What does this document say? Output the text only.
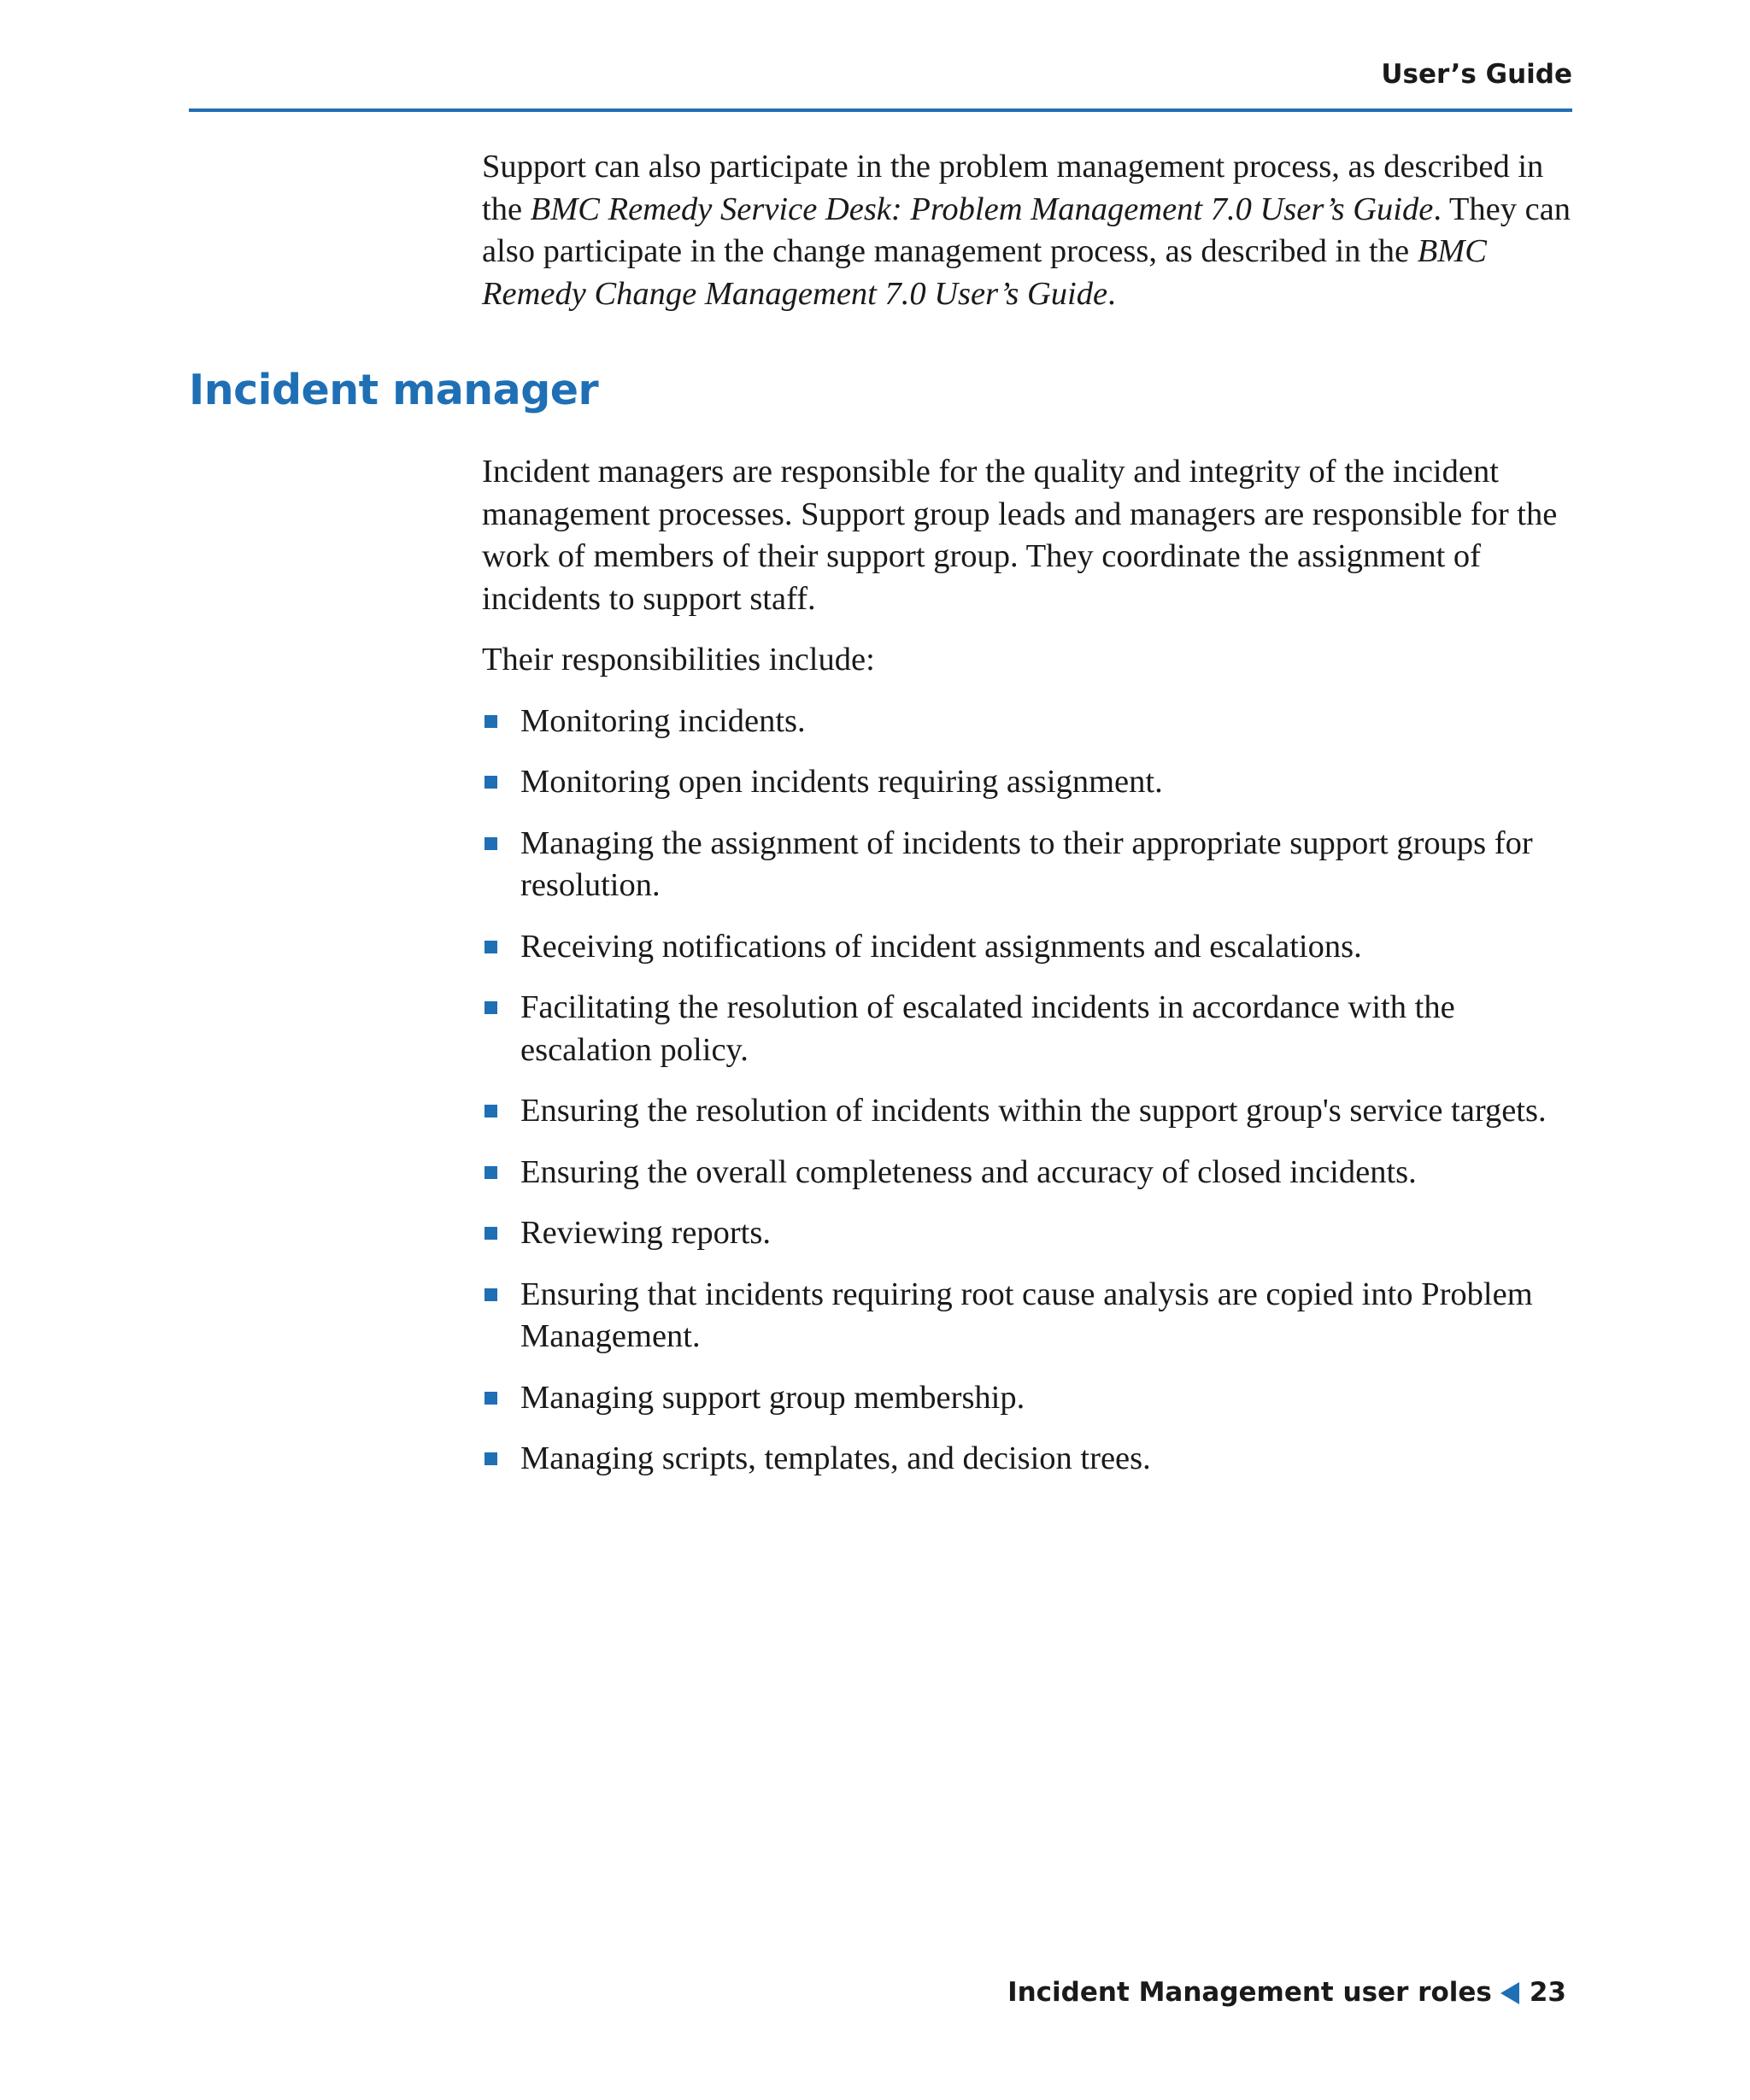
User’s Guide

Support can also participate in the problem management process, as described in the BMC Remedy Service Desk: Problem Management 7.0 User’s Guide. They can also participate in the change management process, as described in the BMC Remedy Change Management 7.0 User’s Guide.

Incident manager

Incident managers are responsible for the quality and integrity of the incident management processes. Support group leads and managers are responsible for the work of members of their support group. They coordinate the assignment of incidents to support staff.

Their responsibilities include:

Monitoring incidents.
Monitoring open incidents requiring assignment.
Managing the assignment of incidents to their appropriate support groups for resolution.
Receiving notifications of incident assignments and escalations.
Facilitating the resolution of escalated incidents in accordance with the escalation policy.
Ensuring the resolution of incidents within the support group's service targets.
Ensuring the overall completeness and accuracy of closed incidents.
Reviewing reports.
Ensuring that incidents requiring root cause analysis are copied into Problem Management.
Managing support group membership.
Managing scripts, templates, and decision trees.
Incident Management user roles 23
